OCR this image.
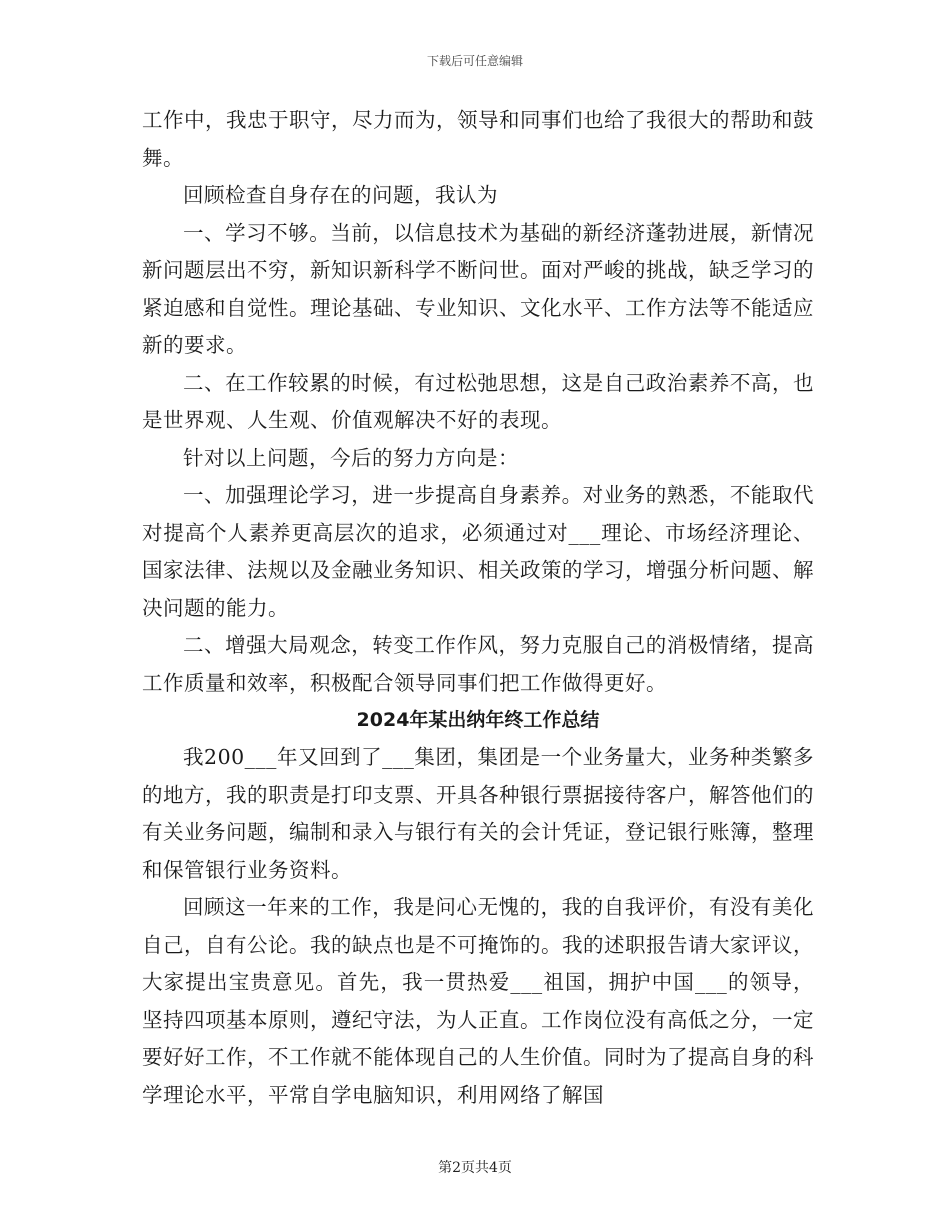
下载后可任意编辑

工作中，我忠于职守，尽力而为，领导和同事们也给了我很大的帮助和鼓舞。

回顾检查自身存在的问题，我认为

一、学习不够。当前，以信息技术为基础的新经济蓬勃进展，新情况新问题层出不穷，新知识新科学不断问世。面对严峻的挑战，缺乏学习的紧迫感和自觉性。理论基础、专业知识、文化水平、工作方法等不能适应新的要求。

二、在工作较累的时候，有过松弛思想，这是自己政治素养不高，也是世界观、人生观、价值观解决不好的表现。

针对以上问题，今后的努力方向是：

一、加强理论学习，进一步提高自身素养。对业务的熟悉，不能取代对提高个人素养更高层次的追求，必须通过对___理论、市场经济理论、国家法律、法规以及金融业务知识、相关政策的学习，增强分析问题、解决问题的能力。

二、增强大局观念，转变工作作风，努力克服自己的消极情绪，提高工作质量和效率，积极配合领导同事们把工作做得更好。

2024年某出纳年终工作总结

我200___年又回到了___集团，集团是一个业务量大，业务种类繁多的地方，我的职责是打印支票、开具各种银行票据接待客户，解答他们的有关业务问题，编制和录入与银行有关的会计凭证，登记银行账簿，整理和保管银行业务资料。

回顾这一年来的工作，我是问心无愧的，我的自我评价，有没有美化自己，自有公论。我的缺点也是不可掩饰的。我的述职报告请大家评议，大家提出宝贵意见。首先，我一贯热爱___祖国，拥护中国___的领导，坚持四项基本原则，遵纪守法，为人正直。工作岗位没有高低之分，一定要好好工作，不工作就不能体现自己的人生价值。同时为了提高自身的科学理论水平，平常自学电脑知识，利用网络了解国

第2页共4页
